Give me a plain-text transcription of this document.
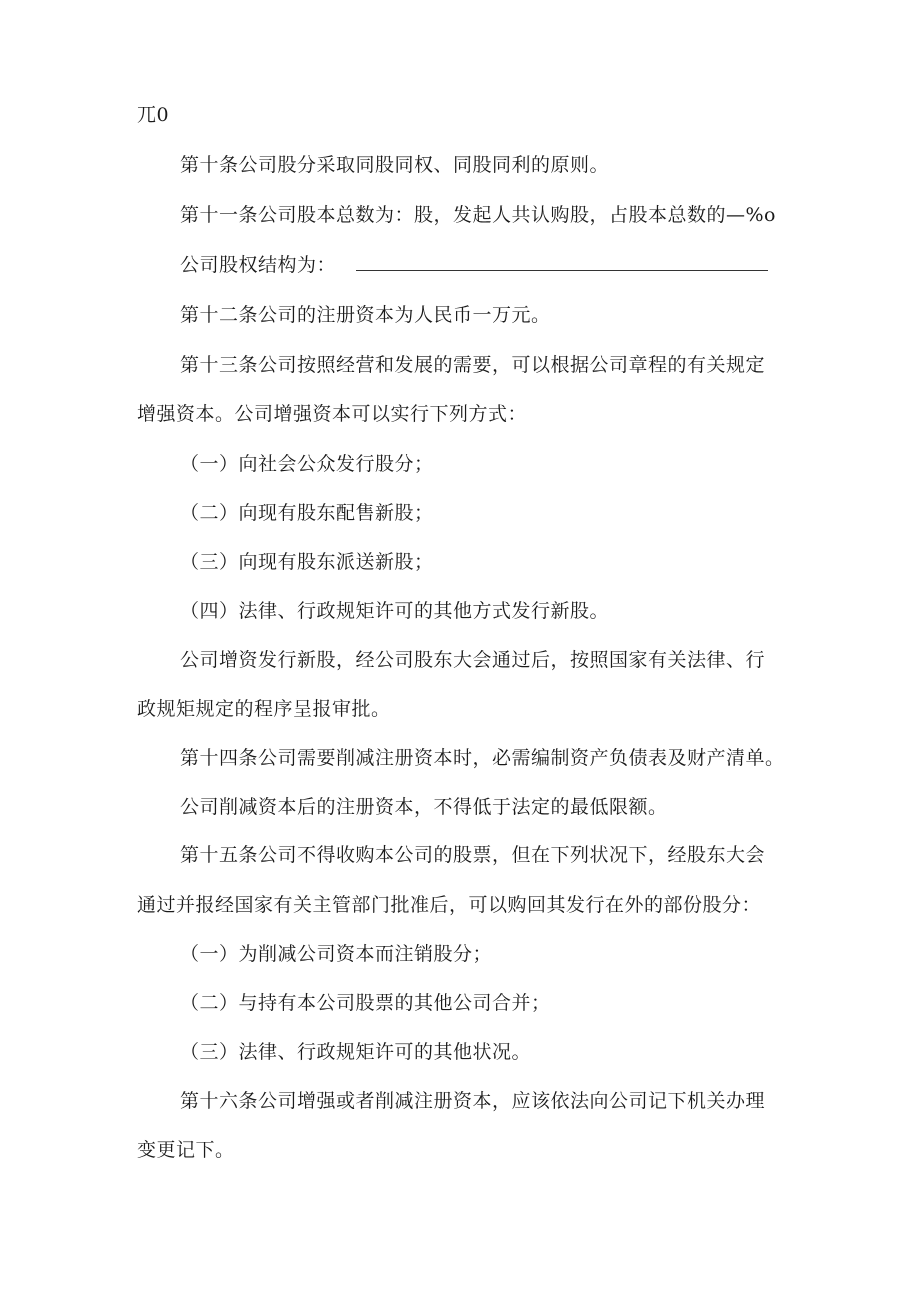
兀0
第十条公司股分采取同股同权、同股同利的原则。
第十一条公司股本总数为：股，发起人共认购股，占股本总数的—%o
公司股权结构为：
第十二条公司的注册资本为人民币一万元。
第十三条公司按照经营和发展的需要，可以根据公司章程的有关规定
增强资本。公司增强资本可以实行下列方式：
（一）向社会公众发行股分；
（二）向现有股东配售新股；
（三）向现有股东派送新股；
（四）法律、行政规矩许可的其他方式发行新股。
公司增资发行新股，经公司股东大会通过后，按照国家有关法律、行
政规矩规定的程序呈报审批。
第十四条公司需要削减注册资本时，必需编制资产负债表及财产清单。
公司削减资本后的注册资本，不得低于法定的最低限额。
第十五条公司不得收购本公司的股票，但在下列状况下，经股东大会
通过并报经国家有关主管部门批准后，可以购回其发行在外的部份股分：
（一）为削减公司资本而注销股分；
（二）与持有本公司股票的其他公司合并；
（三）法律、行政规矩许可的其他状况。
第十六条公司增强或者削减注册资本，应该依法向公司记下机关办理
变更记下。
